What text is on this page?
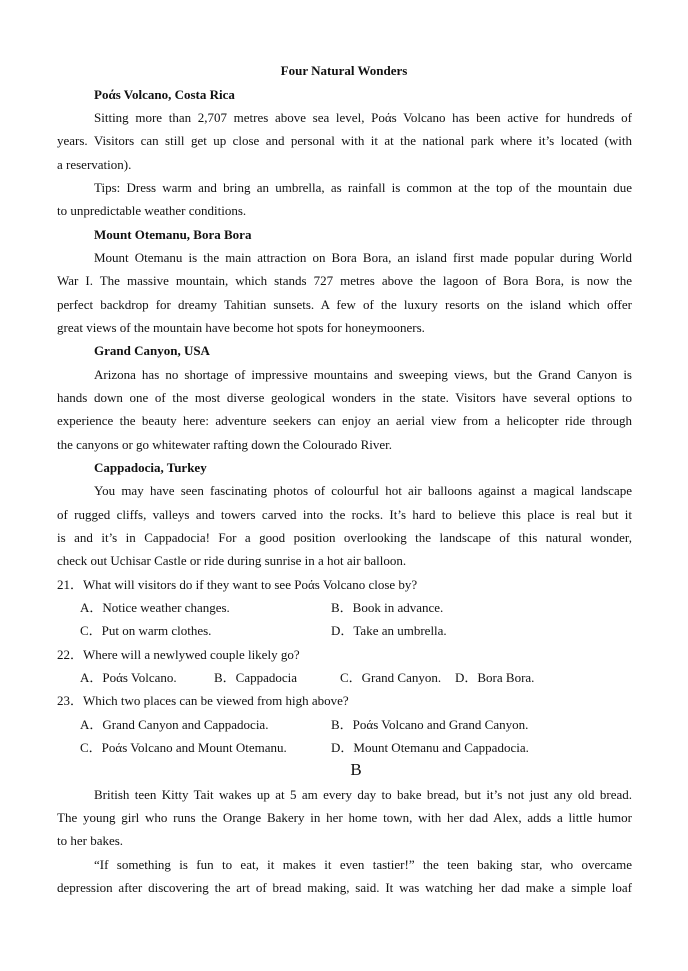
Four Natural Wonders
Poάs Volcano, Costa Rica
Sitting more than 2,707 metres above sea level, Poάs Volcano has been active for hundreds of
years. Visitors can still get up close and personal with it at the national park where it’s located (with
a reservation).
Tips: Dress warm and bring an umbrella, as rainfall is common at the top of the mountain due
to unpredictable weather conditions.
Mount Otemanu, Bora Bora
Mount Otemanu is the main attraction on Bora Bora, an island first made popular during World
War I. The massive mountain, which stands 727 metres above the lagoon of Bora Bora, is now the
perfect backdrop for dreamy Tahitian sunsets. A few of the luxury resorts on the island which offer
great views of the mountain have become hot spots for honeymooners.
Grand Canyon, USA
Arizona has no shortage of impressive mountains and sweeping views, but the Grand Canyon is
hands down one of the most diverse geological wonders in the state. Visitors have several options to
experience the beauty here: adventure seekers can enjoy an aerial view from a helicopter ride through
the canyons or go whitewater rafting down the Colourado River.
Cappadocia, Turkey
You may have seen fascinating photos of colourful hot air balloons against a magical landscape
of rugged cliffs, valleys and towers carved into the rocks. It’s hard to believe this place is real but it
is and it’s in Cappadocia! For a good position overlooking the landscape of this natural wonder,
check out Uchisar Castle or ride during sunrise in a hot air balloon.
21．What will visitors do if they want to see Poάs Volcano close by?
A．Notice weather changes.	B．Book in advance.
C．Put on warm clothes.	D．Take an umbrella.
22．Where will a newlywed couple likely go?
A．Poάs Volcano.	B．Cappadocia	C．Grand Canyon. D．Bora Bora.
23．Which two places can be viewed from high above?
A．Grand Canyon and Cappadocia.	B．Poάs Volcano and Grand Canyon.
C．Poάs Volcano and Mount Otemanu.	D．Mount Otemanu and Cappadocia.
B
British teen Kitty Tait wakes up at 5 am every day to bake bread, but it’s not just any old bread.
The young girl who runs the Orange Bakery in her home town, with her dad Alex, adds a little humor
to her bakes.
“If something is fun to eat, it makes it even tastier!” the teen baking star, who overcame
depression after discovering the art of bread making, said. It was watching her dad make a simple loaf
